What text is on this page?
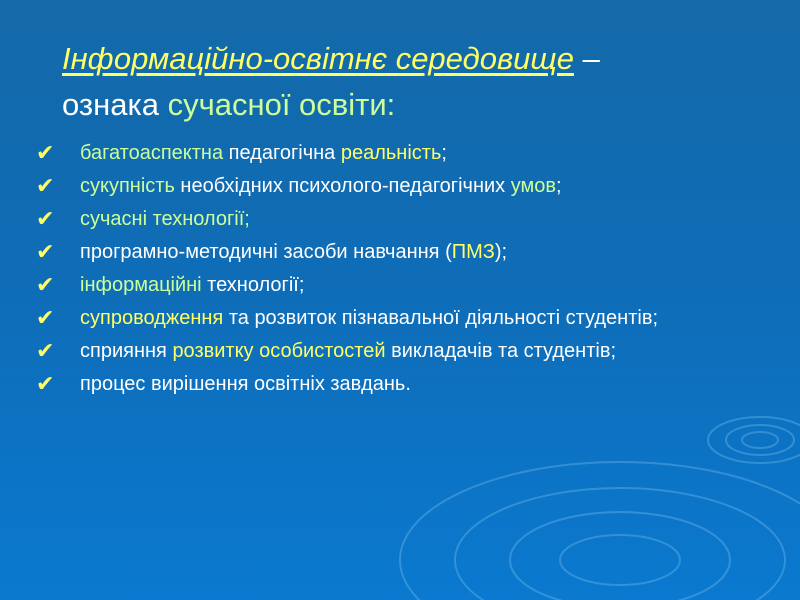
Інформаційно-освітнє середовище –
ознака сучасної освіти:
✔ багатоаспектна педагогічна реальність;
✔ сукупність необхідних психолого-педагогічних умов;
✔ сучасні технології;
✔ програмно-методичні засоби навчання (ПМЗ);
✔ інформаційні технології;
✔ супроводження та розвиток пізнавальної діяльності студентів;
✔ сприяння розвитку особистостей викладачів та студентів;
✔ процес вирішення освітніх завдань.
